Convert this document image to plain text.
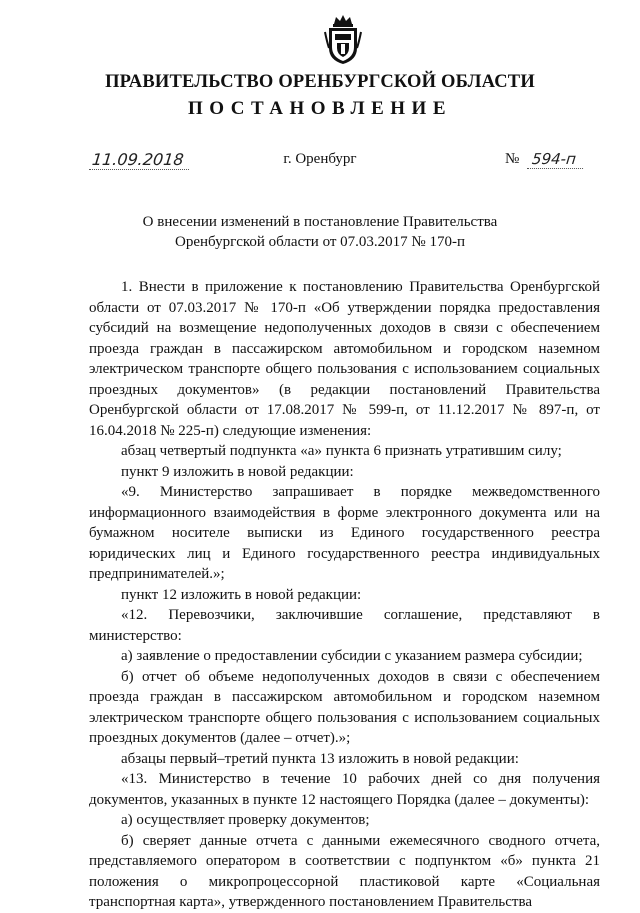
ПРАВИТЕЛЬСТВО ОРЕНБУРГСКОЙ ОБЛАСТИ
ПОСТАНОВЛЕНИЕ
11.09.2018	г. Оренбург	№ 594-п
О внесении изменений в постановление Правительства
Оренбургской области от 07.03.2017 № 170-п

1. Внести в приложение к постановлению Правительства Оренбургской области от 07.03.2017 № 170-п «Об утверждении порядка предоставления субсидий на возмещение недополученных доходов в связи с обеспечением проезда граждан в пассажирском автомобильном и городском наземном электрическом транспорте общего пользования с использованием социальных проездных документов» (в редакции постановлений Правительства Оренбургской области от 17.08.2017 № 599-п, от 11.12.2017 № 897-п, от 16.04.2018 № 225-п) следующие изменения:

абзац четвертый подпункта «а» пункта 6 признать утратившим силу;

пункт 9 изложить в новой редакции:

«9. Министерство запрашивает в порядке межведомственного информационного взаимодействия в форме электронного документа или на бумажном носителе выписки из Единого государственного реестра юридических лиц и Единого государственного реестра индивидуальных предпринимателей.»;

пункт 12 изложить в новой редакции:

«12. Перевозчики, заключившие соглашение, представляют в министерство:

а) заявление о предоставлении субсидии с указанием размера субсидии;

б) отчет об объеме недополученных доходов в связи с обеспечением проезда граждан в пассажирском автомобильном и городском наземном электрическом транспорте общего пользования с использованием социальных проездных документов (далее – отчет).»;

абзацы первый–третий пункта 13 изложить в новой редакции:

«13. Министерство в течение 10 рабочих дней со дня получения документов, указанных в пункте 12 настоящего Порядка (далее – документы):

а) осуществляет проверку документов;

б) сверяет данные отчета с данными ежемесячного сводного отчета, представляемого оператором в соответствии с подпунктом «б» пункта 21 положения о микропроцессорной пластиковой карте «Социальная транспортная карта», утвержденного постановлением Правительства
